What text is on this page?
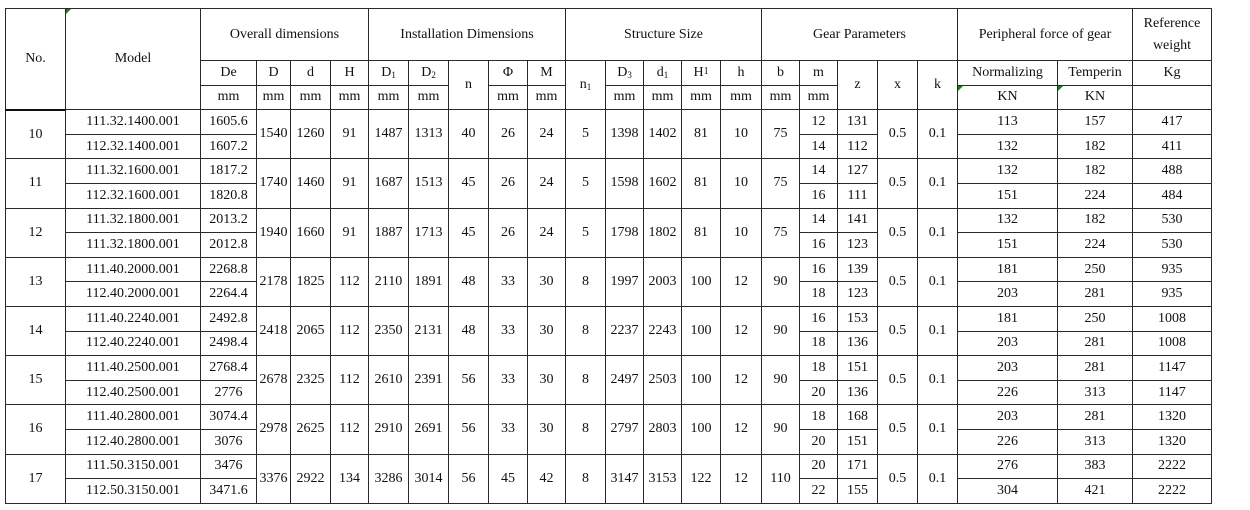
No.	Model	Overall dimensions				Installation Dimensions					Structure Size					Gear Parameters					Peripheral force of gear		Reference weight
		De	D	d	H	$D_1$	$D_2$	n	Φ	M	$n_1$	$D_3$	$d_1$	$H^1$	h	b	m	z	x	k	Normalizing	Temperin	Kg
		mm	mm	mm	mm	mm	mm		mm	mm		mm	mm	mm	mm	mm	mm				KN	KN	
10	111.32.1400.001	1605.6	1540	1260	91	1487	1313	40	26	24	5	1398	1402	81	10	75	12	131	0.5	0.1	113	157	417
	112.32.1400.001	1607.2															14	112			132	182	411
11	111.32.1600.001	1817.2	1740	1460	91	1687	1513	45	26	24	5	1598	1602	81	10	75	14	127	0.5	0.1	132	182	488
	112.32.1600.001	1820.8															16	111			151	224	484
12	111.32.1800.001	2013.2	1940	1660	91	1887	1713	45	26	24	5	1798	1802	81	10	75	14	141	0.5	0.1	132	182	530
	111.32.1800.001	2012.8															16	123			151	224	530
13	111.40.2000.001	2268.8	2178	1825	112	2110	1891	48	33	30	8	1997	2003	100	12	90	16	139	0.5	0.1	181	250	935
	112.40.2000.001	2264.4															18	123			203	281	935
14	111.40.2240.001	2492.8	2418	2065	112	2350	2131	48	33	30	8	2237	2243	100	12	90	16	153	0.5	0.1	181	250	1008
	112.40.2240.001	2498.4															18	136			203	281	1008
15	111.40.2500.001	2768.4	2678	2325	112	2610	2391	56	33	30	8	2497	2503	100	12	90	18	151	0.5	0.1	203	281	1147
	112.40.2500.001	2776															20	136			226	313	1147
16	111.40.2800.001	3074.4	2978	2625	112	2910	2691	56	33	30	8	2797	2803	100	12	90	18	168	0.5	0.1	203	281	1320
	112.40.2800.001	3076															20	151			226	313	1320
17	111.50.3150.001	3476	3376	2922	134	3286	3014	56	45	42	8	3147	3153	122	12	110	20	171	0.5	0.1	276	383	2222
	112.50.3150.001	3471.6															22	155			304	421	2222
